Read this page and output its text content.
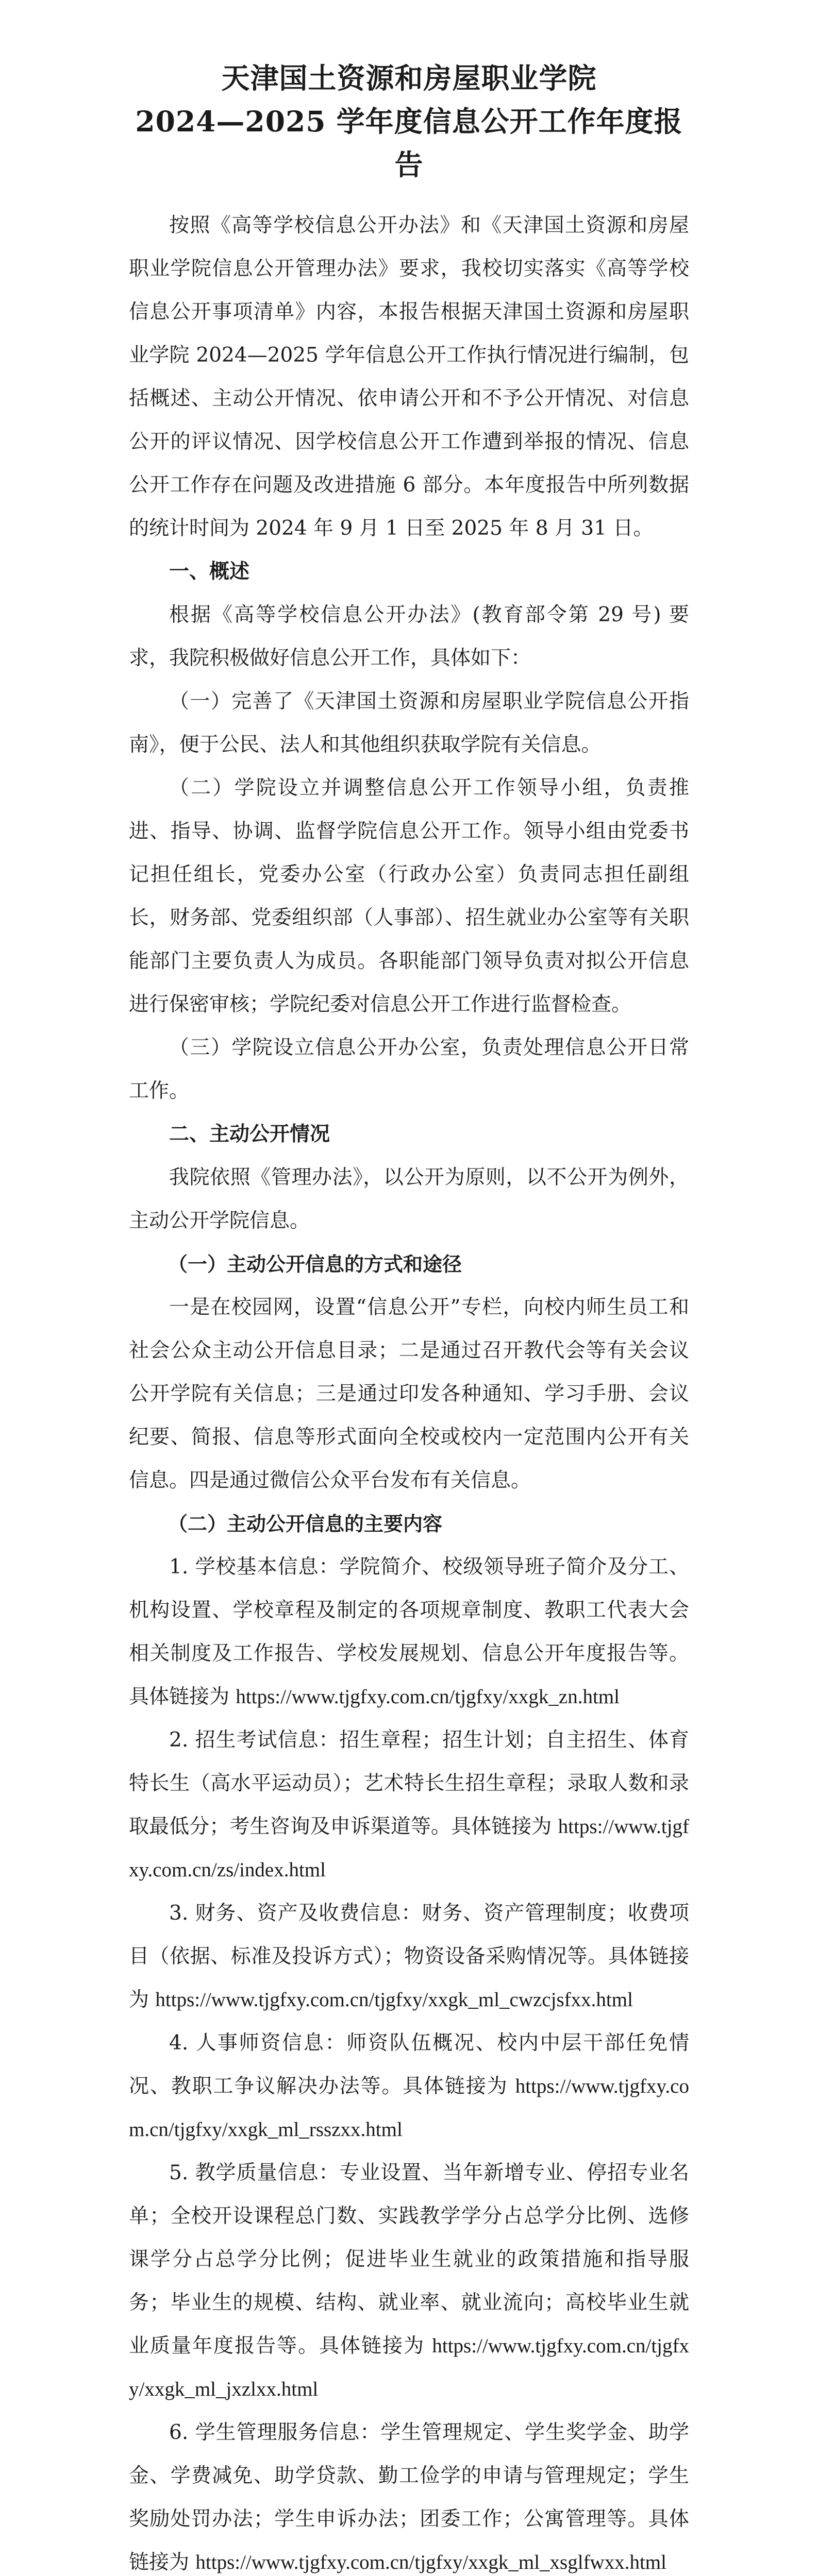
天津国土资源和房屋职业学院
2024—2025 学年度信息公开工作年度报告

按照《高等学校信息公开办法》和《天津国土资源和房屋职业学院信息公开管理办法》要求，我校切实落实《高等学校信息公开事项清单》内容，本报告根据天津国土资源和房屋职业学院 2024—2025 学年信息公开工作执行情况进行编制，包括概述、主动公开情况、依申请公开和不予公开情况、对信息公开的评议情况、因学校信息公开工作遭到举报的情况、信息公开工作存在问题及改进措施 6 部分。本年度报告中所列数据的统计时间为 2024 年 9 月 1 日至 2025 年 8 月 31 日。

一、概述

根据《高等学校信息公开办法》(教育部令第 29 号) 要求，我院积极做好信息公开工作，具体如下：

（一）完善了《天津国土资源和房屋职业学院信息公开指南》，便于公民、法人和其他组织获取学院有关信息。

（二）学院设立并调整信息公开工作领导小组，负责推进、指导、协调、监督学院信息公开工作。领导小组由党委书记担任组长，党委办公室（行政办公室）负责同志担任副组长，财务部、党委组织部（人事部）、招生就业办公室等有关职能部门主要负责人为成员。各职能部门领导负责对拟公开信息进行保密审核；学院纪委对信息公开工作进行监督检查。

（三）学院设立信息公开办公室，负责处理信息公开日常工作。

二、主动公开情况

我院依照《管理办法》，以公开为原则，以不公开为例外，主动公开学院信息。

（一）主动公开信息的方式和途径

一是在校园网，设置“信息公开”专栏，向校内师生员工和社会公众主动公开信息目录；二是通过召开教代会等有关会议公开学院有关信息；三是通过印发各种通知、学习手册、会议纪要、简报、信息等形式面向全校或校内一定范围内公开有关信息。四是通过微信公众平台发布有关信息。

（二）主动公开信息的主要内容

1. 学校基本信息：学院简介、校级领导班子简介及分工、机构设置、学校章程及制定的各项规章制度、教职工代表大会相关制度及工作报告、学校发展规划、信息公开年度报告等。具体链接为 https://www.tjgfxy.com.cn/tjgfxy/xxgk_zn.html

2. 招生考试信息：招生章程；招生计划；自主招生、体育特长生（高水平运动员）；艺术特长生招生章程；录取人数和录取最低分；考生咨询及申诉渠道等。具体链接为 https://www.tjgfxy.com.cn/zs/index.html

3. 财务、资产及收费信息：财务、资产管理制度；收费项目（依据、标准及投诉方式）；物资设备采购情况等。具体链接为 https://www.tjgfxy.com.cn/tjgfxy/xxgk_ml_cwzcjsfxx.html

4. 人事师资信息：师资队伍概况、校内中层干部任免情况、教职工争议解决办法等。具体链接为 https://www.tjgfxy.com.cn/tjgfxy/xxgk_ml_rsszxx.html

5. 教学质量信息：专业设置、当年新增专业、停招专业名单；全校开设课程总门数、实践教学学分占总学分比例、选修课学分占总学分比例；促进毕业生就业的政策措施和指导服务；毕业生的规模、结构、就业率、就业流向；高校毕业生就业质量年度报告等。具体链接为 https://www.tjgfxy.com.cn/tjgfxy/xxgk_ml_jxzlxx.html

6. 学生管理服务信息：学生管理规定、学生奖学金、助学金、学费减免、助学贷款、勤工俭学的申请与管理规定；学生奖励处罚办法；学生申诉办法；团委工作；公寓管理等。具体链接为 https://www.tjgfxy.com.cn/tjgfxy/xxgk_ml_xsglfwxx.html
